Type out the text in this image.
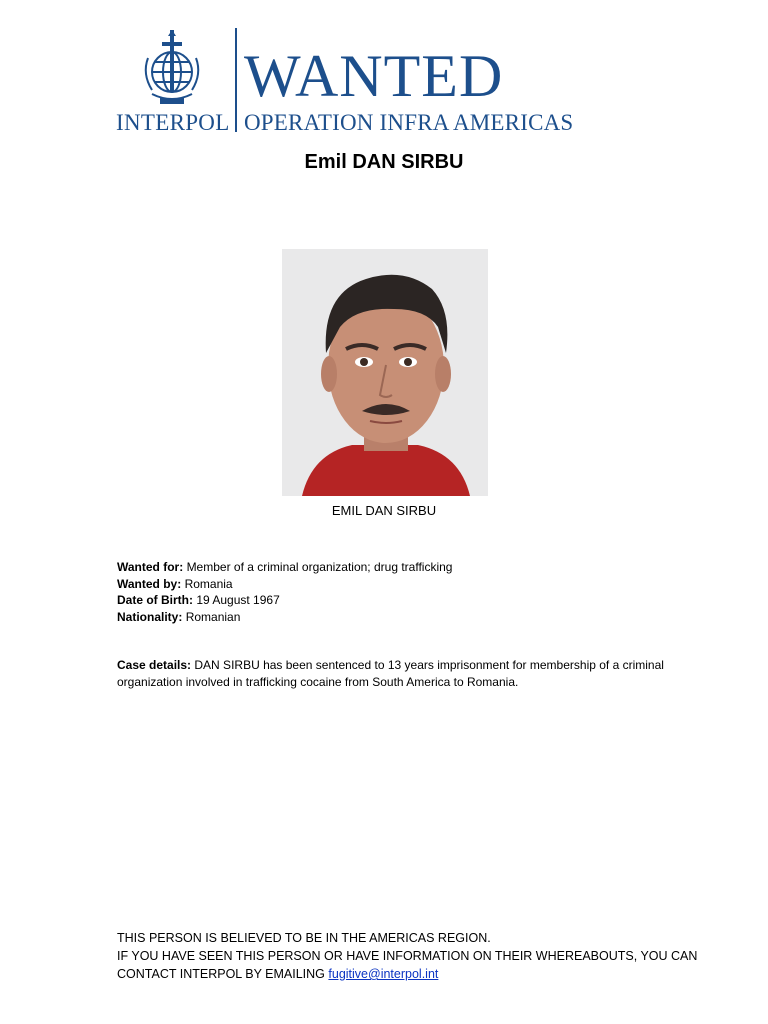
INTERPOL
WANTED
OPERATION INFRA AMERICAS
Emil DAN SIRBU
EMIL DAN SIRBU
Wanted for: Member of a criminal organization; drug trafficking
Wanted by: Romania
Date of Birth: 19 August 1967
Nationality: Romanian
Case details: DAN SIRBU has been sentenced to 13 years imprisonment for membership of a criminal organization involved in trafficking cocaine from South America to Romania.
THIS PERSON IS BELIEVED TO BE IN THE AMERICAS REGION.
IF YOU HAVE SEEN THIS PERSON OR HAVE INFORMATION ON THEIR WHEREABOUTS, YOU CAN
CONTACT INTERPOL BY EMAILING fugitive@interpol.int
